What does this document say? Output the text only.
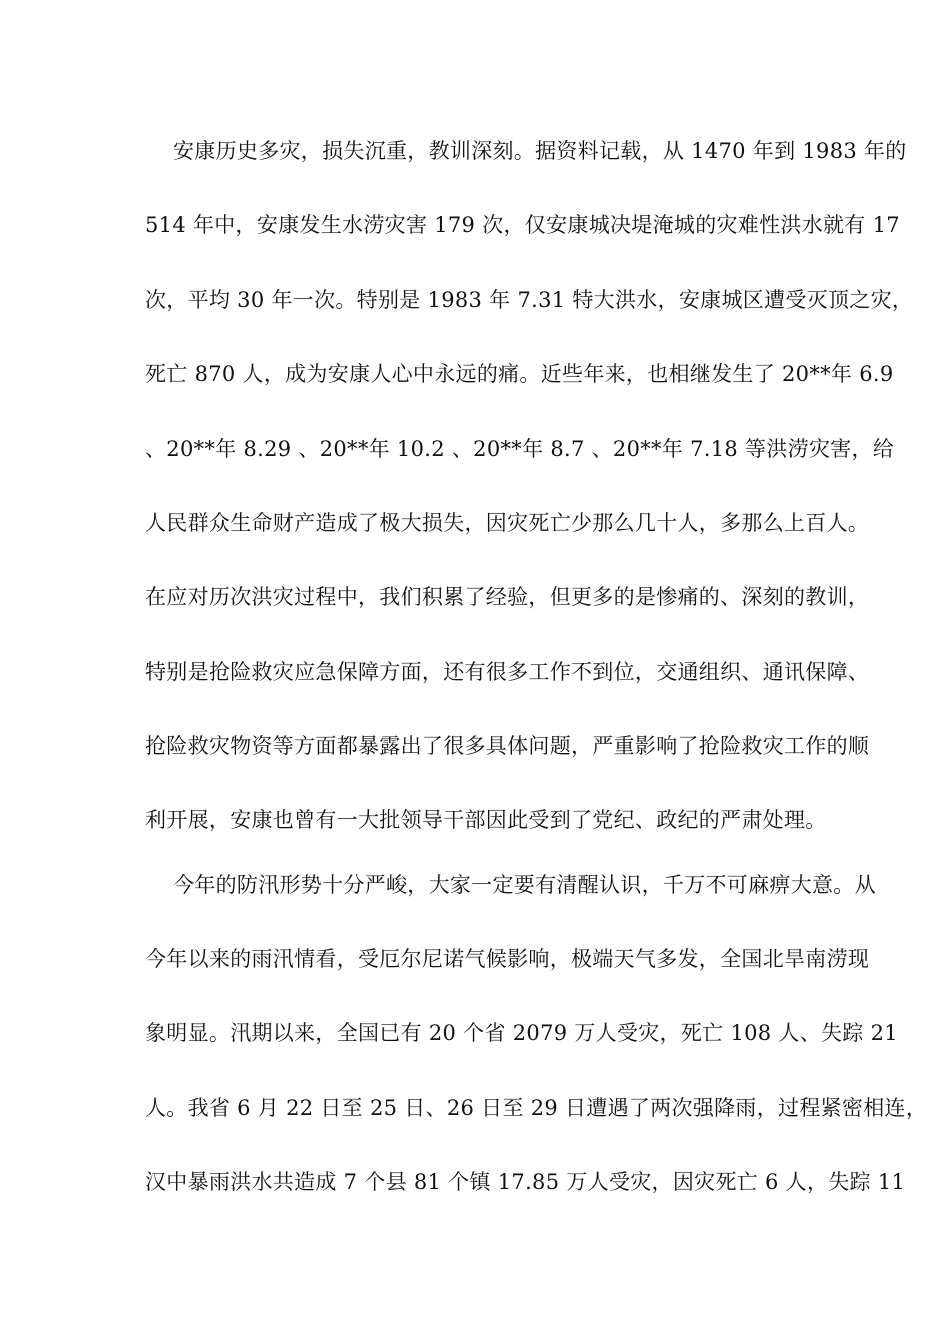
安康历史多灾，损失沉重，教训深刻。据资料记载，从 1470 年到 1983 年的
514 年中，安康发生水涝灾害 179 次，仅安康城决堤淹城的灾难性洪水就有 17
次，平均 30 年一次。特别是 1983 年 7.31 特大洪水，安康城区遭受灭顶之灾，
死亡 870 人，成为安康人心中永远的痛。近些年来，也相继发生了 20**年 6.9
、20**年 8.29 、20**年 10.2 、20**年 8.7 、20**年 7.18 等洪涝灾害，给
人民群众生命财产造成了极大损失，因灾死亡少那么几十人，多那么上百人。
在应对历次洪灾过程中，我们积累了经验，但更多的是惨痛的、深刻的教训，
特别是抢险救灾应急保障方面，还有很多工作不到位，交通组织、通讯保障、
抢险救灾物资等方面都暴露出了很多具体问题，严重影响了抢险救灾工作的顺
利开展，安康也曾有一大批领导干部因此受到了党纪、政纪的严肃处理。
今年的防汛形势十分严峻，大家一定要有清醒认识，千万不可麻痹大意。从
今年以来的雨汛情看，受厄尔尼诺气候影响，极端天气多发，全国北旱南涝现
象明显。汛期以来，全国已有 20 个省 2079 万人受灾，死亡 108 人、失踪 21
人。我省 6 月 22 日至 25 日、26 日至 29 日遭遇了两次强降雨，过程紧密相连，
汉中暴雨洪水共造成 7 个县 81 个镇 17.85 万人受灾，因灾死亡 6 人，失踪 11
